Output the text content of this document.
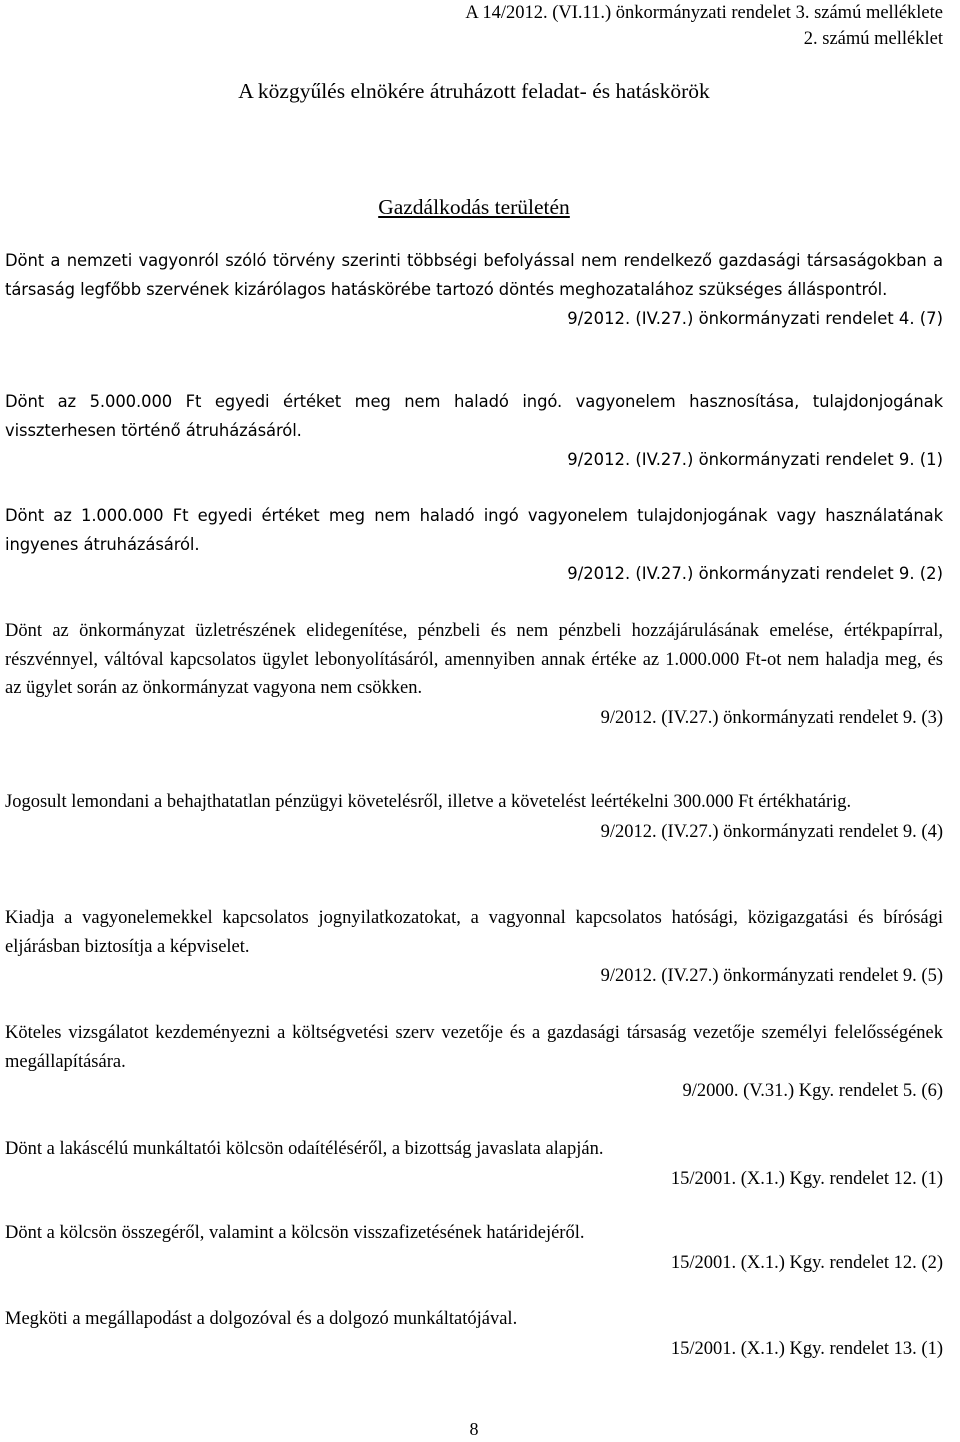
A 14/2012. (VI.11.) önkormányzati rendelet 3. számú melléklete
2. számú melléklet
A közgyűlés elnökére átruházott feladat- és hatáskörök
Gazdálkodás területén
Dönt a nemzeti vagyonról szóló törvény szerinti többségi befolyással nem rendelkező gazdasági társaságokban a társaság legfőbb szervének kizárólagos hatáskörébe tartozó döntés meghozatalához szükséges álláspontról.
9/2012. (IV.27.) önkormányzati rendelet 4. (7)
Dönt az 5.000.000 Ft egyedi értéket meg nem haladó ingó. vagyonelem hasznosítása, tulajdonjogának visszterhesen történő átruházásáról.
9/2012. (IV.27.) önkormányzati rendelet 9. (1)
Dönt az 1.000.000 Ft egyedi értéket meg nem haladó ingó vagyonelem tulajdonjogának vagy használatának ingyenes átruházásáról.
9/2012. (IV.27.) önkormányzati rendelet 9. (2)
Dönt az önkormányzat üzletrészének elidegenítése, pénzbeli és nem pénzbeli hozzájárulásának emelése, értékpapírral, részvénnyel, váltóval kapcsolatos ügylet lebonyolításáról, amennyiben annak értéke az 1.000.000 Ft-ot nem haladja meg, és az ügylet során az önkormányzat vagyona nem csökken.
9/2012. (IV.27.) önkormányzati rendelet 9. (3)
Jogosult lemondani a behajthatatlan pénzügyi követelésről, illetve a követelést leértékelni 300.000 Ft értékhatárig.
9/2012. (IV.27.) önkormányzati rendelet 9. (4)
Kiadja a vagyonelemekkel kapcsolatos jognyilatkozatokat, a vagyonnal kapcsolatos hatósági, közigazgatási és bírósági eljárásban biztosítja a képviselet.
9/2012. (IV.27.) önkormányzati rendelet 9. (5)
Köteles vizsgálatot kezdeményezni a költségvetési szerv vezetője és a gazdasági társaság vezetője személyi felelősségének megállapítására.
9/2000. (V.31.) Kgy. rendelet 5. (6)
Dönt a lakáscélú munkáltatói kölcsön odaítéléséről, a bizottság javaslata alapján.
15/2001. (X.1.) Kgy. rendelet 12. (1)
Dönt a kölcsön összegéről, valamint a kölcsön visszafizetésének határidejéről.
15/2001. (X.1.) Kgy. rendelet 12. (2)
Megköti a megállapodást a dolgozóval és a dolgozó munkáltatójával.
15/2001. (X.1.) Kgy. rendelet 13. (1)
8
